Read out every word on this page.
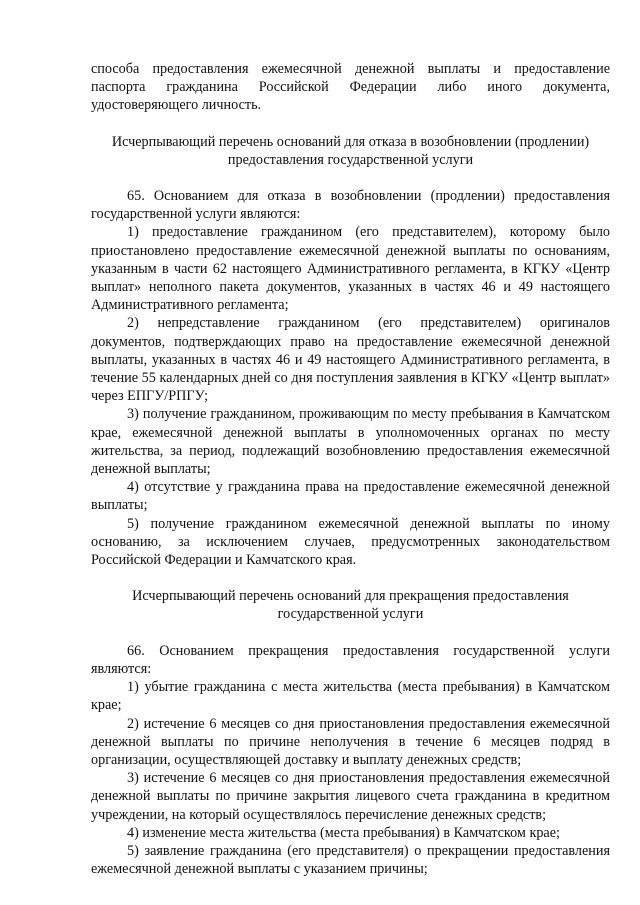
способа предоставления ежемесячной денежной выплаты и предоставление паспорта гражданина Российской Федерации либо иного документа, удостоверяющего личность.

Исчерпывающий перечень оснований для отказа в возобновлении (продлении) предоставления государственной услуги

65. Основанием для отказа в возобновлении (продлении) предоставления государственной услуги являются:

1) предоставление гражданином (его представителем), которому было приостановлено предоставление ежемесячной денежной выплаты по основаниям, указанным в части 62 настоящего Административного регламента, в КГКУ «Центр выплат» неполного пакета документов, указанных в частях 46 и 49 настоящего Административного регламента;

2) непредставление гражданином (его представителем) оригиналов документов, подтверждающих право на предоставление ежемесячной денежной выплаты, указанных в частях 46 и 49 настоящего Административного регламента, в течение 55 календарных дней со дня поступления заявления в КГКУ «Центр выплат» через ЕПГУ/РПГУ;

3) получение гражданином, проживающим по месту пребывания в Камчатском крае, ежемесячной денежной выплаты в уполномоченных органах по месту жительства, за период, подлежащий возобновлению предоставления ежемесячной денежной выплаты;

4) отсутствие у гражданина права на предоставление ежемесячной денежной выплаты;

5) получение гражданином ежемесячной денежной выплаты по иному основанию, за исключением случаев, предусмотренных законодательством Российской Федерации и Камчатского края.

Исчерпывающий перечень оснований для прекращения предоставления государственной услуги

66. Основанием прекращения предоставления государственной услуги являются:

1) убытие гражданина с места жительства (места пребывания) в Камчатском крае;

2) истечение 6 месяцев со дня приостановления предоставления ежемесячной денежной выплаты по причине неполучения в течение 6 месяцев подряд в организации, осуществляющей доставку и выплату денежных средств;

3) истечение 6 месяцев со дня приостановления предоставления ежемесячной денежной выплаты по причине закрытия лицевого счета гражданина в кредитном учреждении, на который осуществлялось перечисление денежных средств;

4) изменение места жительства (места пребывания) в Камчатском крае;

5) заявление гражданина (его представителя) о прекращении предоставления ежемесячной денежной выплаты с указанием причины;
